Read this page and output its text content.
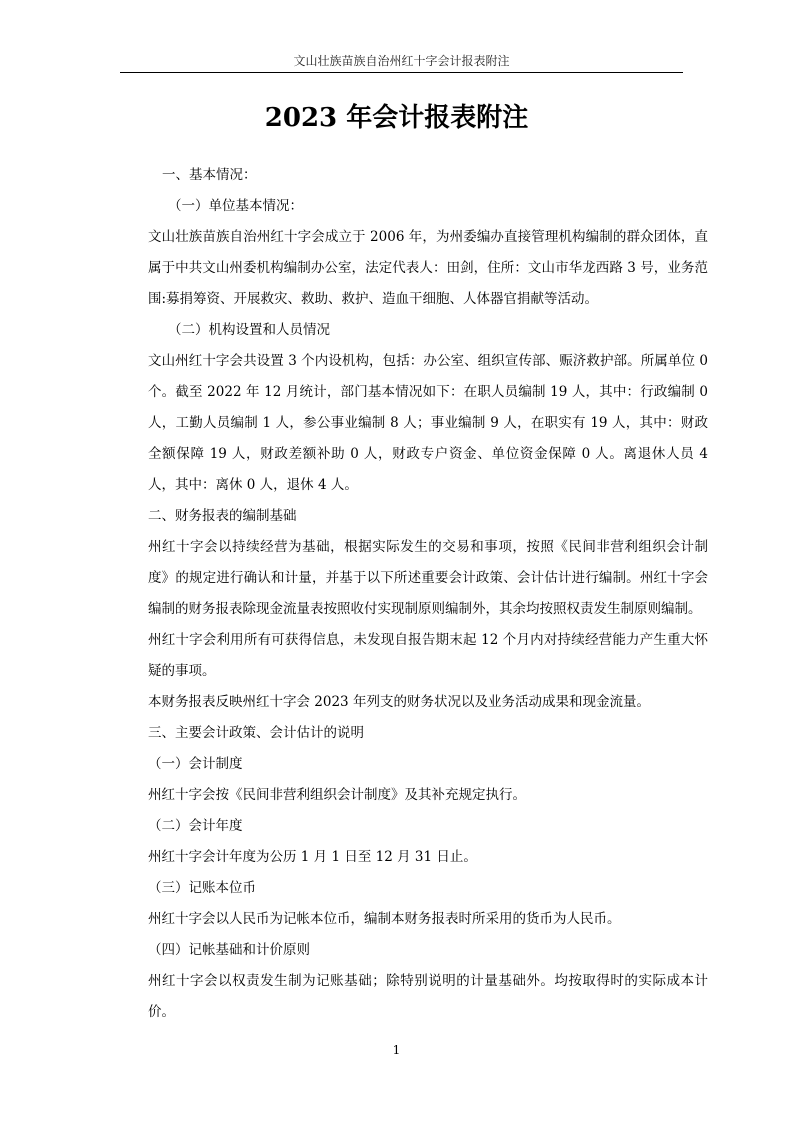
文山壮族苗族自治州红十字会计报表附注
2023 年会计报表附注
一、基本情况：
（一）单位基本情况：
文山壮族苗族自治州红十字会成立于 2006 年，为州委编办直接管理机构编制的群众团体，直属于中共文山州委机构编制办公室，法定代表人：田剑，住所：文山市华龙西路 3 号，业务范围:募捐筹资、开展救灾、救助、救护、造血干细胞、人体器官捐献等活动。
（二）机构设置和人员情况
文山州红十字会共设置 3 个内设机构，包括：办公室、组织宣传部、赈济救护部。所属单位 0 个。截至 2022 年 12 月统计，部门基本情况如下：在职人员编制 19 人，其中：行政编制 0 人，工勤人员编制 1 人，参公事业编制 8 人；事业编制 9 人，在职实有 19 人，其中：财政全额保障 19 人，财政差额补助 0 人，财政专户资金、单位资金保障 0 人。离退休人员 4 人，其中：离休 0 人，退休 4 人。
二、财务报表的编制基础
州红十字会以持续经营为基础，根据实际发生的交易和事项，按照《民间非营利组织会计制度》的规定进行确认和计量，并基于以下所述重要会计政策、会计估计进行编制。州红十字会编制的财务报表除现金流量表按照收付实现制原则编制外，其余均按照权责发生制原则编制。
州红十字会利用所有可获得信息，未发现自报告期末起 12 个月内对持续经营能力产生重大怀疑的事项。
本财务报表反映州红十字会 2023 年列支的财务状况以及业务活动成果和现金流量。
三、主要会计政策、会计估计的说明
（一）会计制度
州红十字会按《民间非营利组织会计制度》及其补充规定执行。
（二）会计年度
州红十字会计年度为公历 1 月 1 日至 12 月 31 日止。
（三）记账本位币
州红十字会以人民币为记帐本位币，编制本财务报表时所采用的货币为人民币。
（四）记帐基础和计价原则
州红十字会以权责发生制为记账基础；除特别说明的计量基础外。均按取得时的实际成本计价。
1
